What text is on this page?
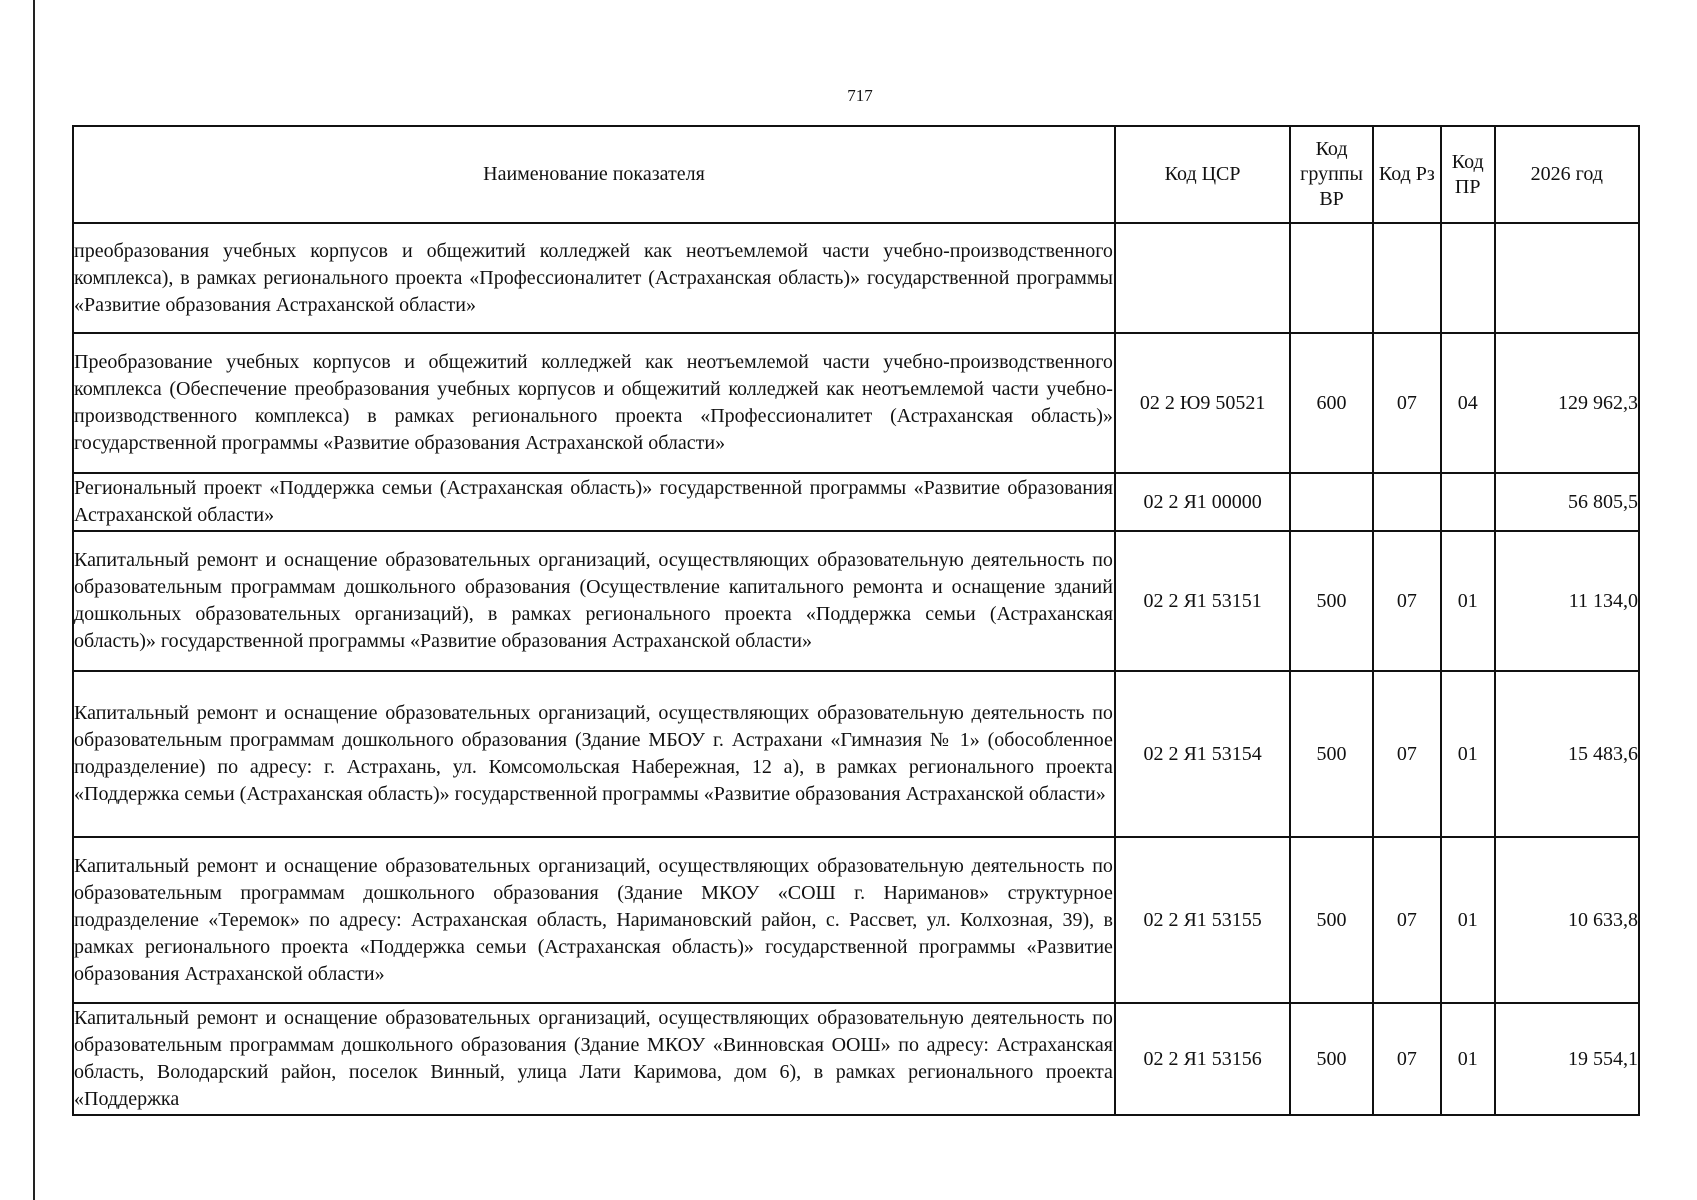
717
Наименование показателя	Код ЦСР	Код группы ВР	Код Рз	Код ПР	2026 год
преобразования учебных корпусов и общежитий колледжей как неотъемлемой части учебно-производственного комплекса), в рамках регионального проекта «Профессионалитет (Астраханская область)» государственной программы «Развитие образования Астраханской области»					
Преобразование учебных корпусов и общежитий колледжей как неотъемлемой части учебно-производственного комплекса (Обеспечение преобразования учебных корпусов и общежитий колледжей как неотъемлемой части учебно-производственного комплекса) в рамках регионального проекта «Профессионалитет (Астраханская область)» государственной программы «Развитие образования Астраханской области»	02 2 Ю9 50521	600	07	04	129 962,3
Региональный проект «Поддержка семьи (Астраханская область)» государственной программы «Развитие образования Астраханской области»	02 2 Я1 00000				56 805,5
Капитальный ремонт и оснащение образовательных организаций, осуществляющих образовательную деятельность по образовательным программам дошкольного образования (Осуществление капитального ремонта и оснащение зданий дошкольных образовательных организаций), в рамках регионального проекта «Поддержка семьи (Астраханская область)» государственной программы «Развитие образования Астраханской области»	02 2 Я1 53151	500	07	01	11 134,0
Капитальный ремонт и оснащение образовательных организаций, осуществляющих образовательную деятельность по образовательным программам дошкольного образования (Здание МБОУ г. Астрахани «Гимназия № 1» (обособленное подразделение) по адресу: г. Астрахань, ул. Комсомольская Набережная, 12 а), в рамках регионального проекта «Поддержка семьи (Астраханская область)» государственной программы «Развитие образования Астраханской области»	02 2 Я1 53154	500	07	01	15 483,6
Капитальный ремонт и оснащение образовательных организаций, осуществляющих образовательную деятельность по образовательным программам дошкольного образования (Здание МКОУ «СОШ г. Нариманов» структурное подразделение «Теремок» по адресу: Астраханская область, Наримановский район, с. Рассвет, ул. Колхозная, 39), в рамках регионального проекта «Поддержка семьи (Астраханская область)» государственной программы «Развитие образования Астраханской области»	02 2 Я1 53155	500	07	01	10 633,8
Капитальный ремонт и оснащение образовательных организаций, осуществляющих образовательную деятельность по образовательным программам дошкольного образования (Здание МКОУ «Винновская ООШ» по адресу: Астраханская область, Володарский район, поселок Винный, улица Лати Каримова, дом 6), в рамках регионального проекта «Поддержка	02 2 Я1 53156	500	07	01	19 554,1
